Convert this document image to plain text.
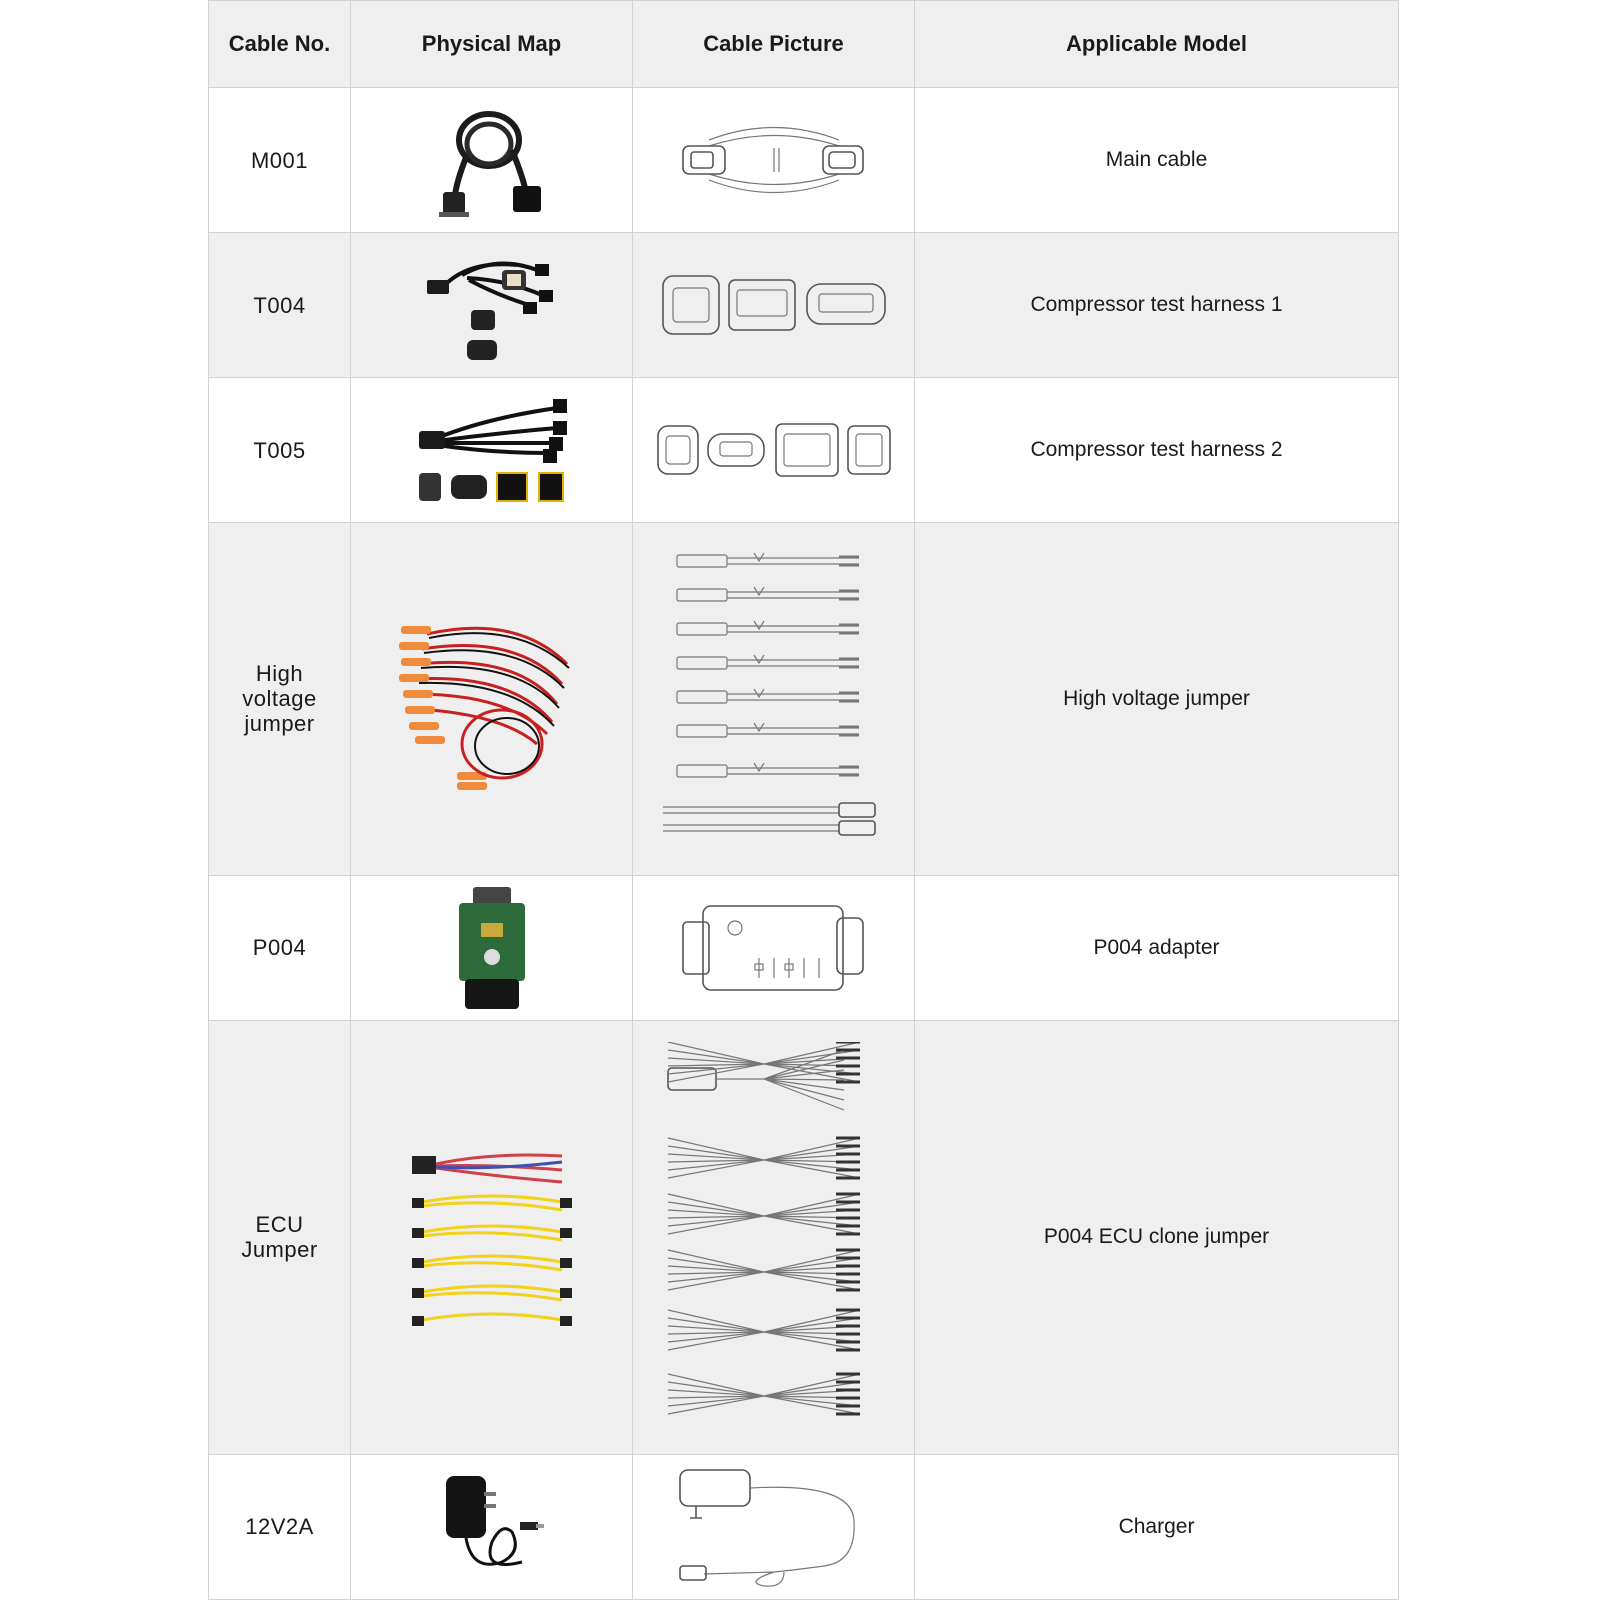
Cable No.	Physical Map	Cable Picture	Applicable Model
M001			Main cable
T004			Compressor test harness 1
T005			Compressor test harness 2
High voltage jumper			High voltage jumper
P004			P004 adapter
ECU Jumper			P004 ECU clone jumper
12V2A			Charger
